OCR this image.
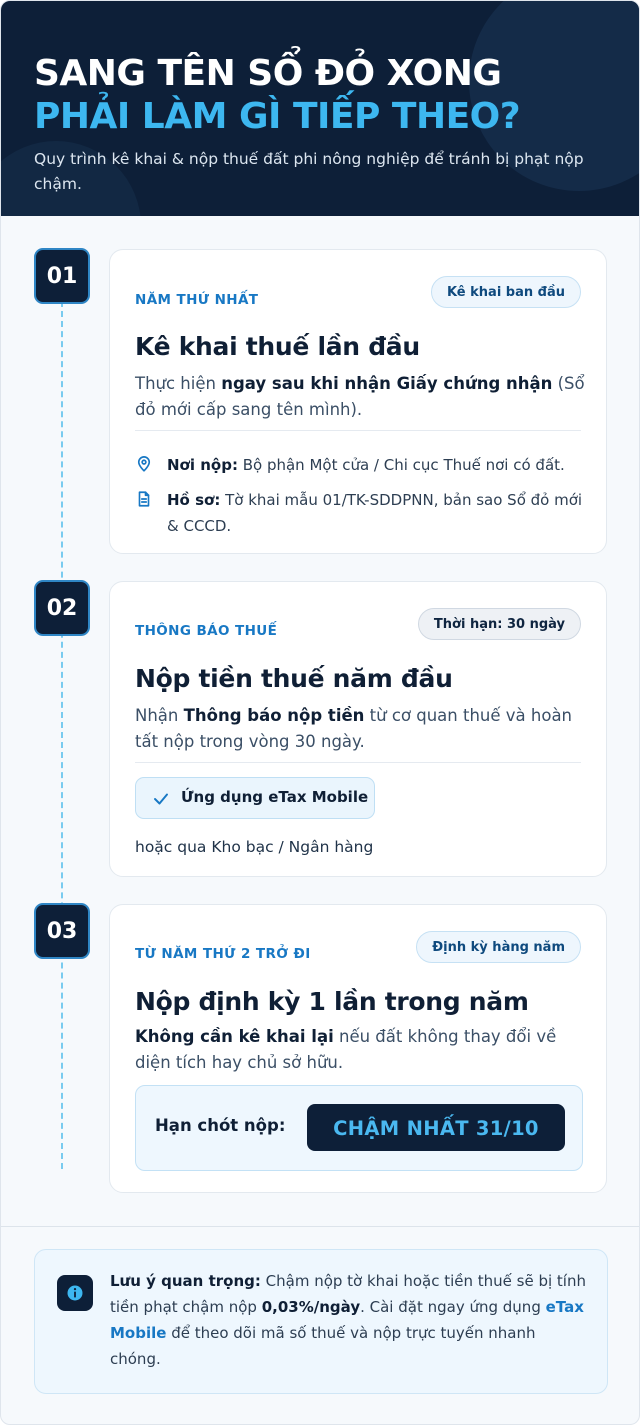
SANG TÊN SỔ ĐỎ XONG
PHẢI LÀM GÌ TIẾP THEO?
Quy trình kê khai & nộp thuế đất phi nông nghiệp để tránh bị phạt nộp chậm.
01
NĂM THỨ NHẤT	Kê khai ban đầu
Kê khai thuế lần đầu
Thực hiện ngay sau khi nhận Giấy chứng nhận (Sổ đỏ mới cấp sang tên mình).
Nơi nộp: Bộ phận Một cửa / Chi cục Thuế nơi có đất.
Hồ sơ: Tờ khai mẫu 01/TK-SDDPNN, bản sao Sổ đỏ mới & CCCD.
02
THÔNG BÁO THUẾ	Thời hạn: 30 ngày
Nộp tiền thuế năm đầu
Nhận Thông báo nộp tiền từ cơ quan thuế và hoàn tất nộp trong vòng 30 ngày.
Ứng dụng eTax Mobile
hoặc qua Kho bạc / Ngân hàng
03
TỪ NĂM THỨ 2 TRỞ ĐI	Định kỳ hàng năm
Nộp định kỳ 1 lần trong năm
Không cần kê khai lại nếu đất không thay đổi về diện tích hay chủ sở hữu.
Hạn chót nộp:	CHẬM NHẤT 31/10
Lưu ý quan trọng: Chậm nộp tờ khai hoặc tiền thuế sẽ bị tính tiền phạt chậm nộp 0,03%/ngày. Cài đặt ngay ứng dụng eTax Mobile để theo dõi mã số thuế và nộp trực tuyến nhanh chóng.
